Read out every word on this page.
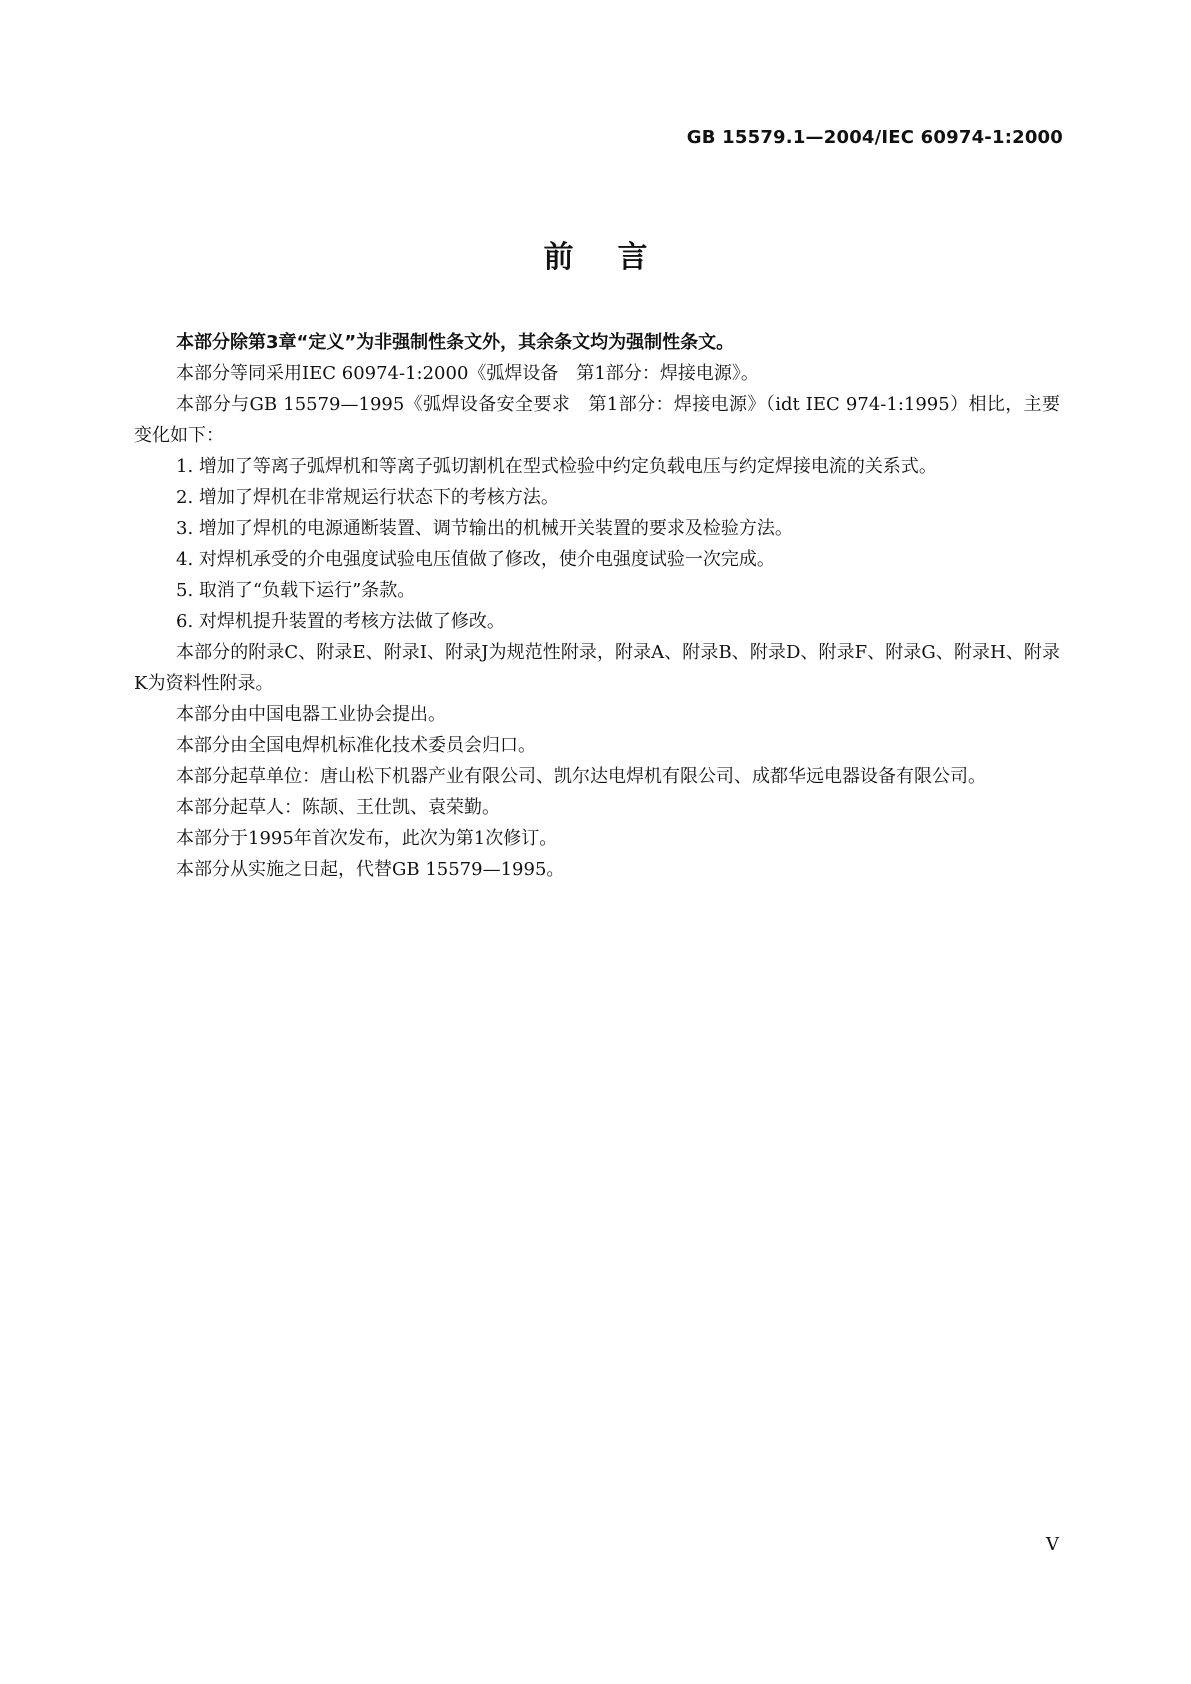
GB 15579.1—2004/IEC 60974-1:2000
前言

本部分除第3章“定义”为非强制性条文外，其余条文均为强制性条文。

本部分等同采用IEC 60974-1:2000《弧焊设备　第1部分：焊接电源》。

本部分与GB 15579—1995《弧焊设备安全要求　第1部分：焊接电源》（idt IEC 974-1:1995）相比，主要变化如下：

1. 增加了等离子弧焊机和等离子弧切割机在型式检验中约定负载电压与约定焊接电流的关系式。

2. 增加了焊机在非常规运行状态下的考核方法。

3. 增加了焊机的电源通断装置、调节输出的机械开关装置的要求及检验方法。

4. 对焊机承受的介电强度试验电压值做了修改，使介电强度试验一次完成。

5. 取消了“负载下运行”条款。

6. 对焊机提升装置的考核方法做了修改。

本部分的附录C、附录E、附录I、附录J为规范性附录，附录A、附录B、附录D、附录F、附录G、附录H、附录K为资料性附录。

本部分由中国电器工业协会提出。

本部分由全国电焊机标准化技术委员会归口。

本部分起草单位：唐山松下机器产业有限公司、凯尔达电焊机有限公司、成都华远电器设备有限公司。

本部分起草人：陈颉、王仕凯、袁荣勤。

本部分于1995年首次发布，此次为第1次修订。

本部分从实施之日起，代替GB 15579—1995。

V
